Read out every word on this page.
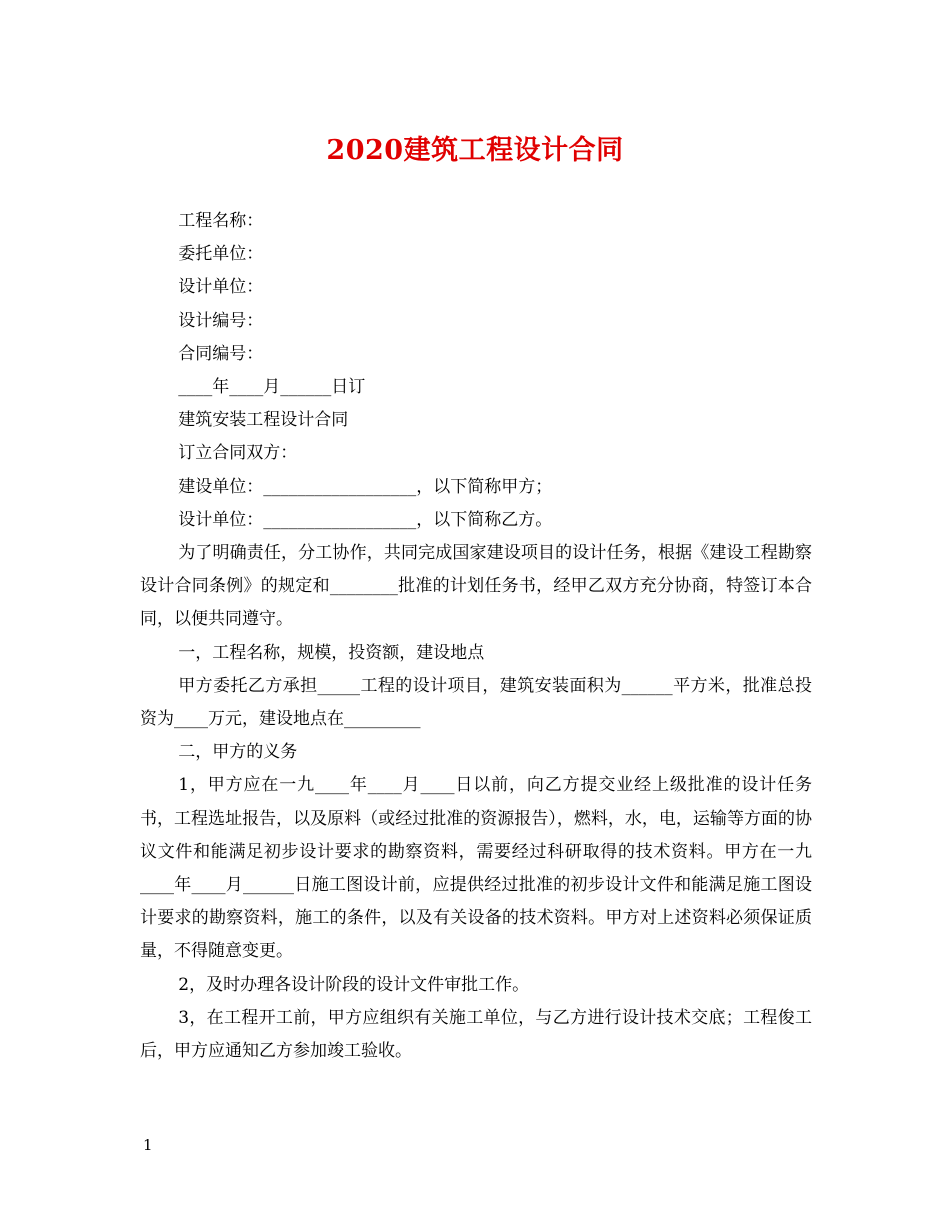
2020建筑工程设计合同

工程名称：

委托单位：

设计单位：

设计编号：

合同编号：

____年____月______日订

建筑安装工程设计合同

订立合同双方：

建设单位：__________________，以下简称甲方；

设计单位：__________________，以下简称乙方。

为了明确责任，分工协作，共同完成国家建设项目的设计任务，根据《建设工程勘察设计合同条例》的规定和________批准的计划任务书，经甲乙双方充分协商，特签订本合同，以便共同遵守。

一，工程名称，规模，投资额，建设地点

甲方委托乙方承担_____工程的设计项目，建筑安装面积为______平方米，批准总投资为____万元，建设地点在_________

二，甲方的义务

1，甲方应在一九____年____月____日以前，向乙方提交业经上级批准的设计任务书，工程选址报告，以及原料（或经过批准的资源报告），燃料，水，电，运输等方面的协议文件和能满足初步设计要求的勘察资料，需要经过科研取得的技术资料。甲方在一九____年____月______日施工图设计前，应提供经过批准的初步设计文件和能满足施工图设计要求的勘察资料，施工的条件，以及有关设备的技术资料。甲方对上述资料必须保证质量，不得随意变更。

2，及时办理各设计阶段的设计文件审批工作。

3，在工程开工前，甲方应组织有关施工单位，与乙方进行设计技术交底；工程俊工后，甲方应通知乙方参加竣工验收。

1
